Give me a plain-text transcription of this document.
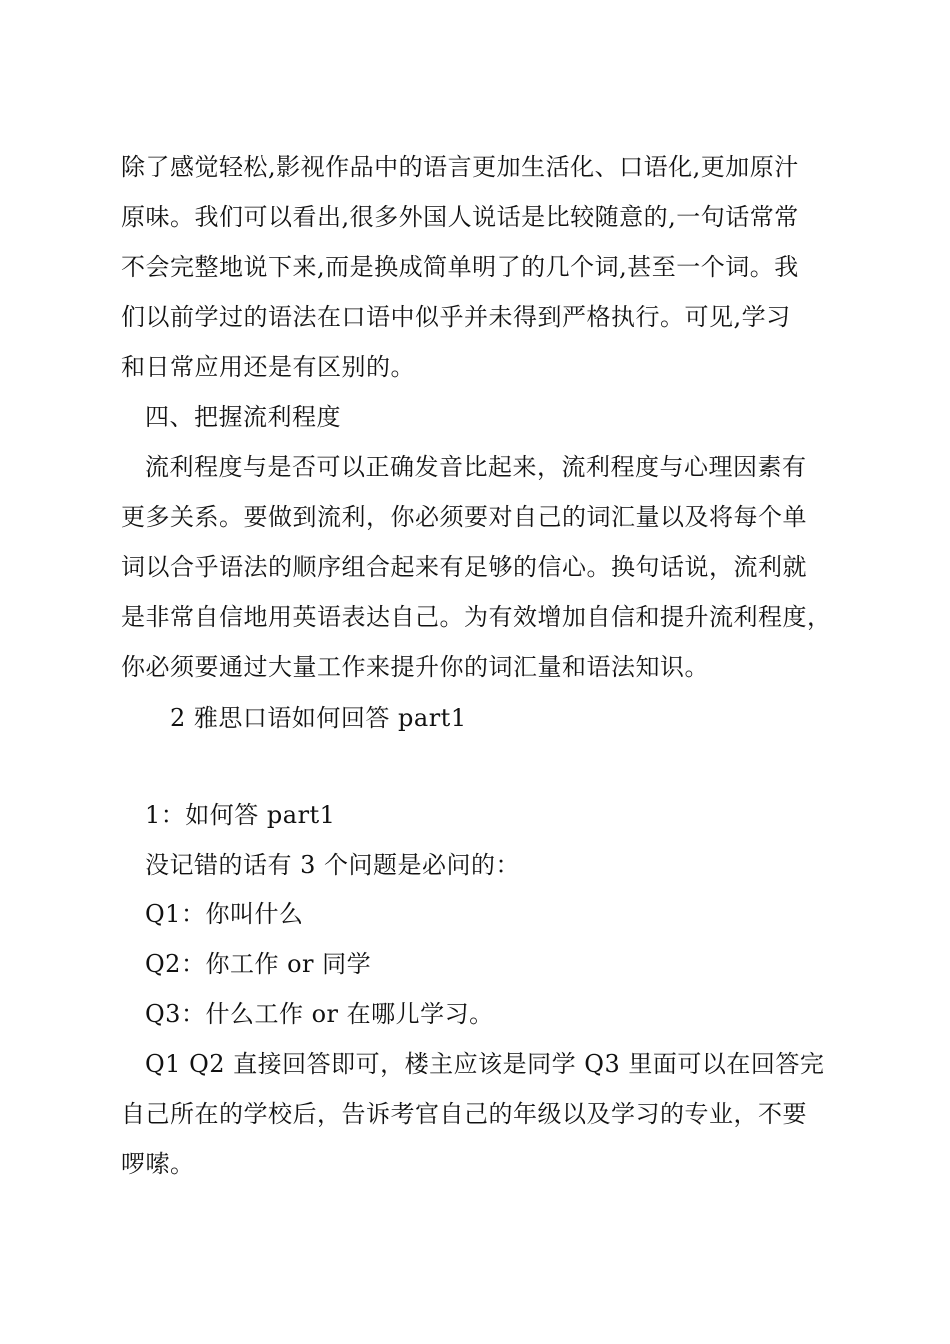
除了感觉轻松,影视作品中的语言更加生活化、口语化,更加原汁
原味。我们可以看出,很多外国人说话是比较随意的,一句话常常
不会完整地说下来,而是换成简单明了的几个词,甚至一个词。我
们以前学过的语法在口语中似乎并未得到严格执行。可见,学习
和日常应用还是有区别的。
四、把握流利程度
流利程度与是否可以正确发音比起来，流利程度与心理因素有
更多关系。要做到流利，你必须要对自己的词汇量以及将每个单
词以合乎语法的顺序组合起来有足够的信心。换句话说，流利就
是非常自信地用英语表达自己。为有效增加自信和提升流利程度，
你必须要通过大量工作来提升你的词汇量和语法知识。
2 雅思口语如何回答 part1
1：如何答 part1
没记错的话有 3 个问题是必问的：
Q1：你叫什么
Q2：你工作 or 同学
Q3：什么工作 or 在哪儿学习。
Q1 Q2 直接回答即可，楼主应该是同学 Q3 里面可以在回答完
自己所在的学校后，告诉考官自己的年级以及学习的专业，不要
啰嗦。
